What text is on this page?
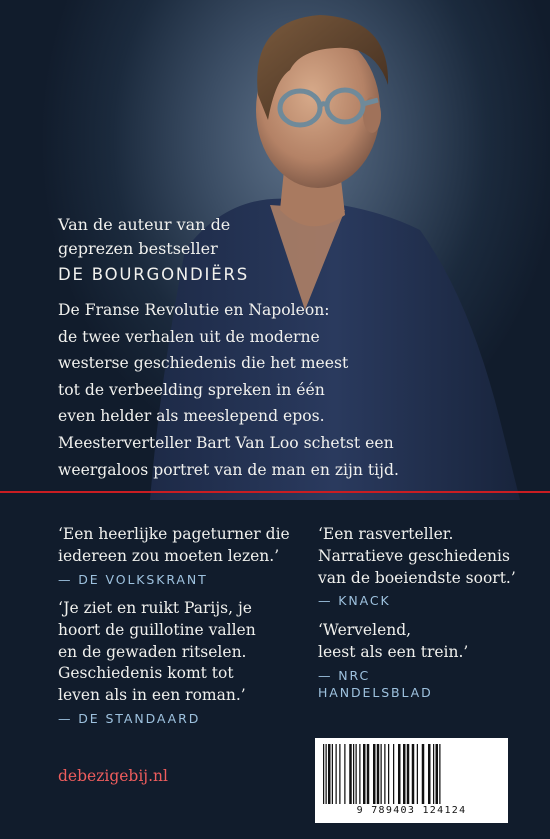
Van de auteur van de

geprezen bestseller

DE BOURGONDIËRS

De Franse Revolutie en Napoleon:
de twee verhalen uit de moderne
westerse geschiedenis die het meest
tot de verbeelding spreken in één
even helder als meeslepend epos.
Meesterverteller Bart Van Loo schetst een
weergaloos portret van de man en zijn tijd.

‘Een heerlijke pageturner die

iedereen zou moeten lezen.’

— DE VOLKSKRANT

‘Je ziet en ruikt Parijs, je

hoort de guillotine vallen

en de gewaden ritselen.

Geschiedenis komt tot

leven als in een roman.’

— DE STANDAARD

‘Een rasverteller.

Narratieve geschiedenis

van de boeiendste soort.’

— KNACK

‘Wervelend,

leest als een trein.’

— NRC

HANDELSBLAD

debezigebij.nl
9 789403 124124
